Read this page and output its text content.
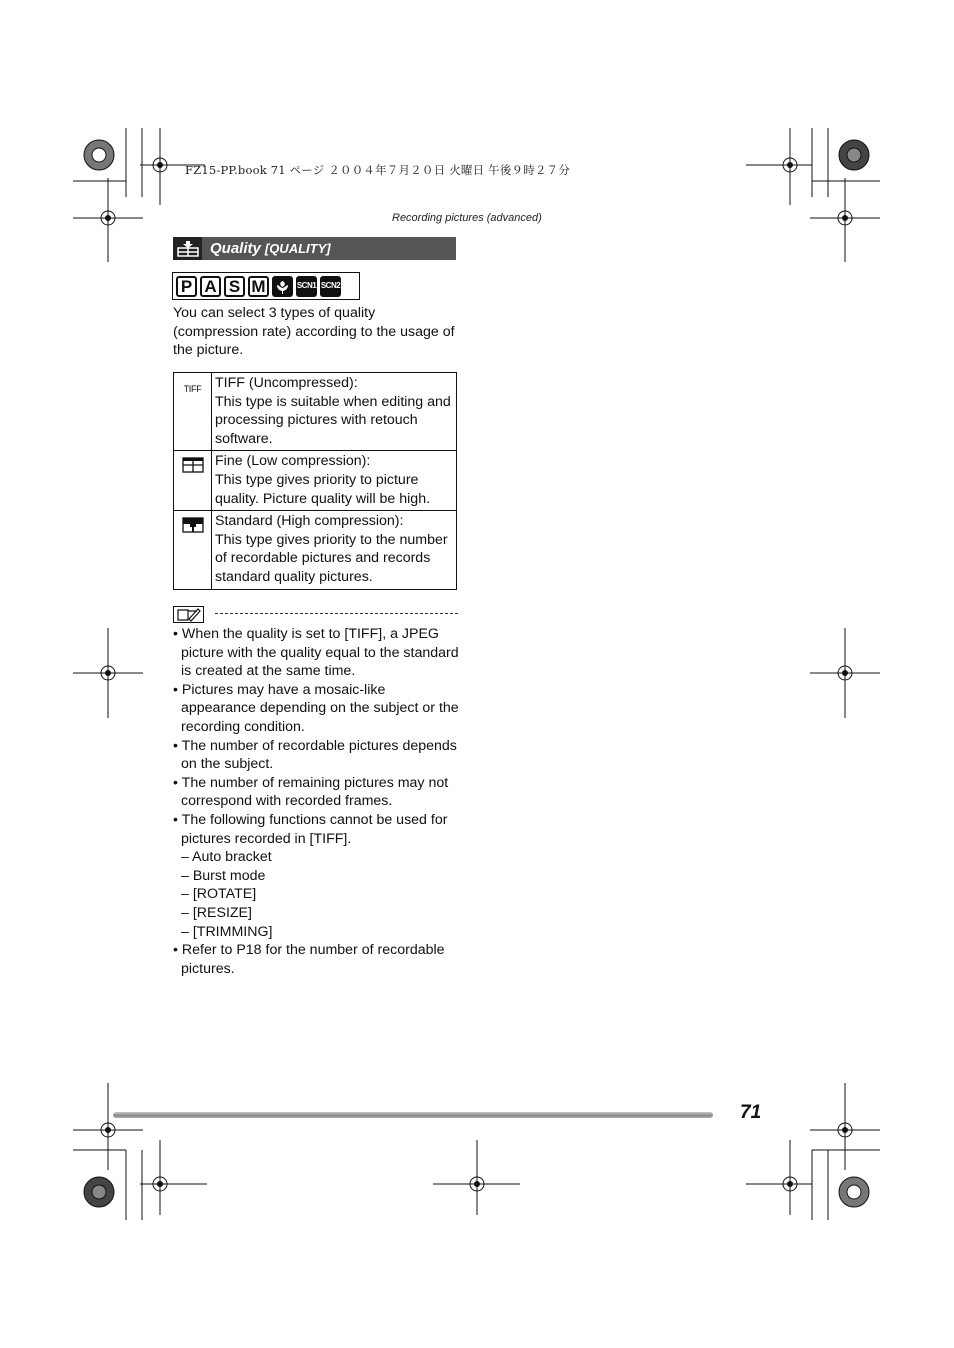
FZ15-PP.book 71 ページ ２００４年７月２０日 火曜日 午後９時２７分
Recording pictures (advanced)
Quality [QUALITY]
P A S M	SCN1 SCN2
You can select 3 types of quality (compression rate) according to the usage of the picture.
TIFF	TIFF (Uncompressed):
This type is suitable when editing and processing pictures with retouch software.
	Fine (Low compression):
This type gives priority to picture quality. Picture quality will be high.
	Standard (High compression):
This type gives priority to the number of recordable pictures and records standard quality pictures.
• When the quality is set to [TIFF], a JPEG picture with the quality equal to the standard is created at the same time.
• Pictures may have a mosaic-like appearance depending on the subject or the recording condition.
• The number of recordable pictures depends on the subject.
• The number of remaining pictures may not correspond with recorded frames.
• The following functions cannot be used for pictures recorded in [TIFF].
– Auto bracket
– Burst mode
– [ROTATE]
– [RESIZE]
– [TRIMMING]
• Refer to P18 for the number of recordable pictures.
71
